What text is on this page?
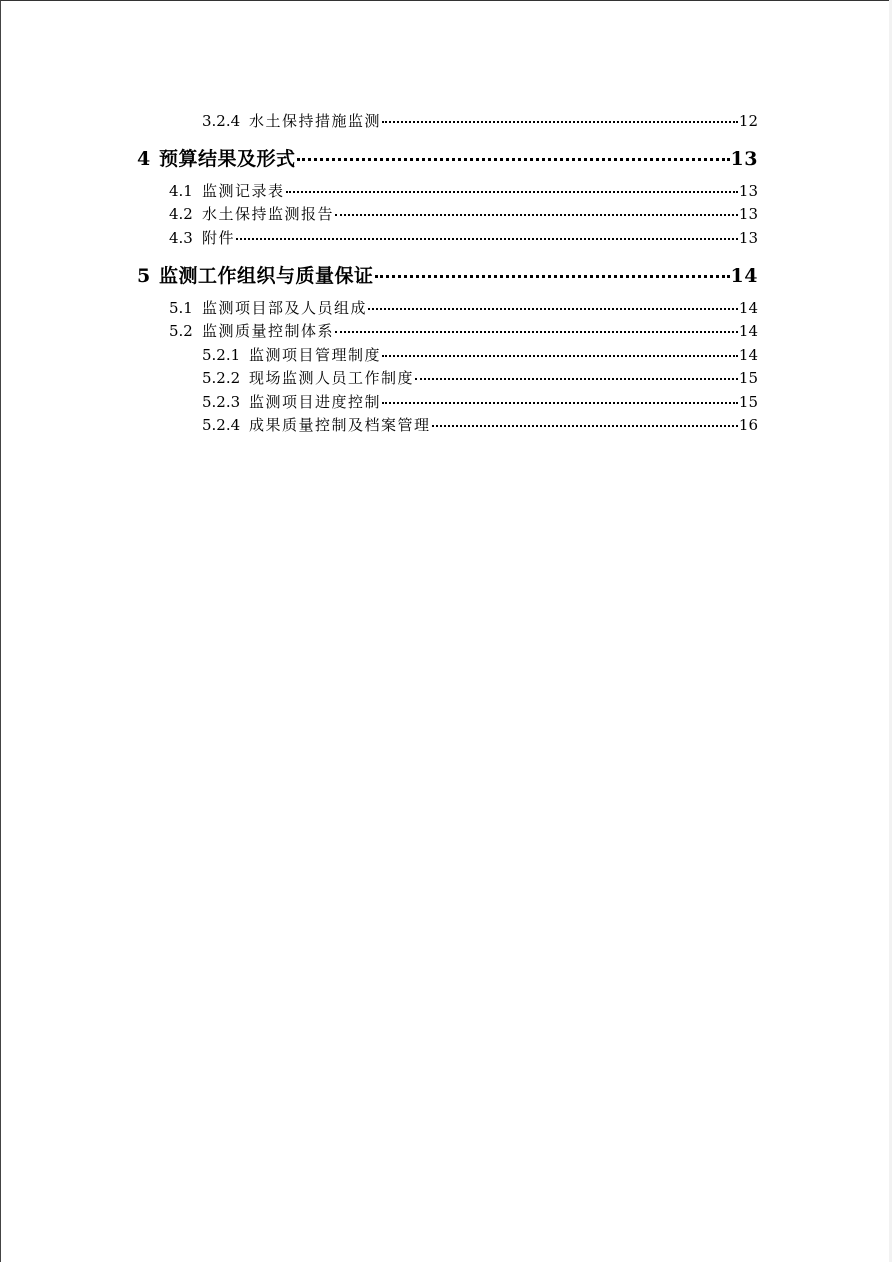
3.2.4 水土保持措施监测	12
4 预算结果及形式	13
4.1 监测记录表	13
4.2 水土保持监测报告	13
4.3 附件	13
5 监测工作组织与质量保证	14
5.1 监测项目部及人员组成	14
5.2 监测质量控制体系	14
5.2.1 监测项目管理制度	14
5.2.2 现场监测人员工作制度	15
5.2.3 监测项目进度控制	15
5.2.4 成果质量控制及档案管理	16
